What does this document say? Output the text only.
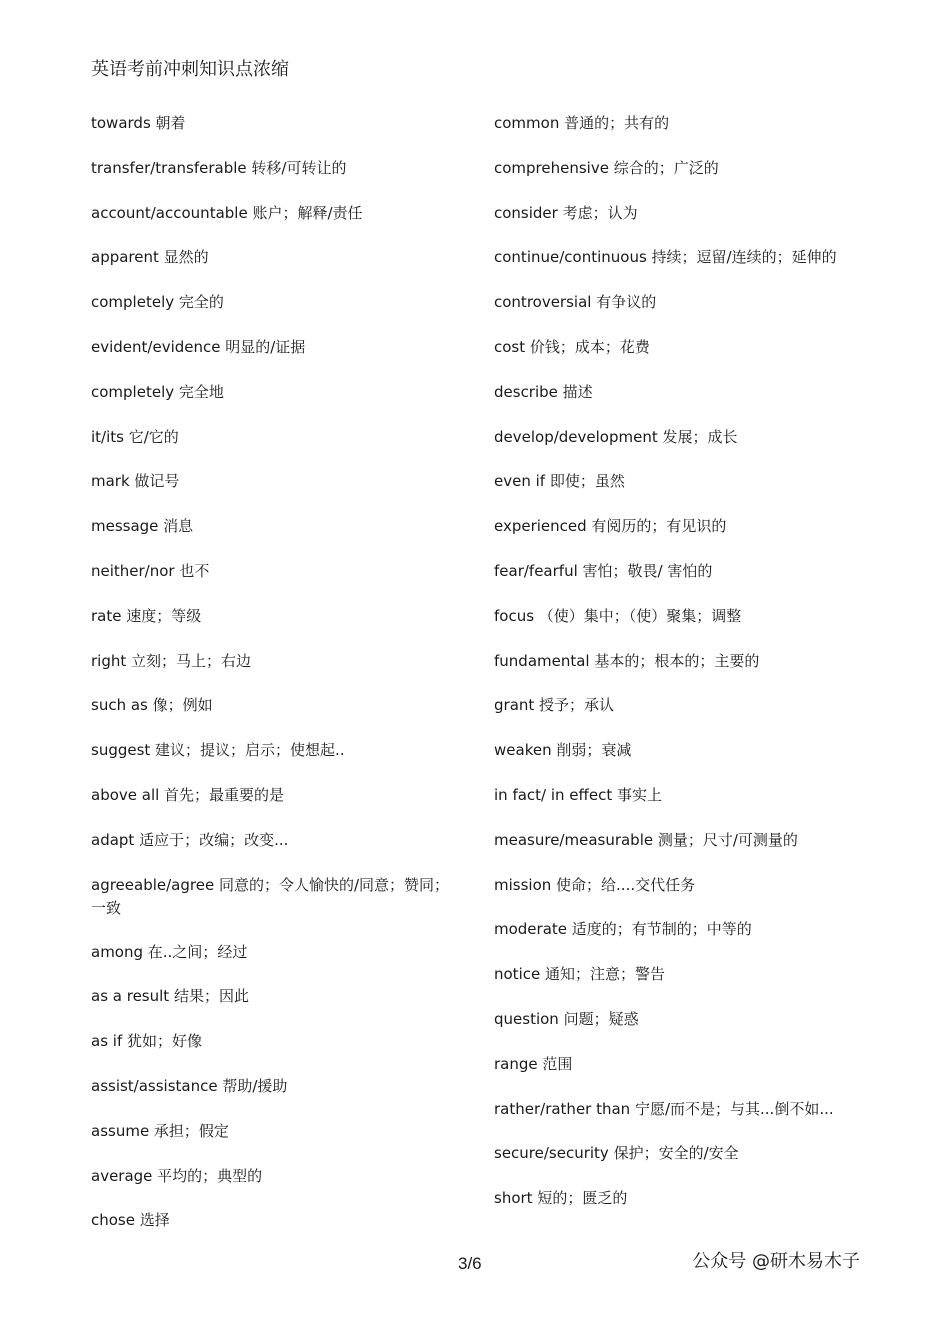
英语考前冲刺知识点浓缩
towards 朝着
transfer/transferable 转移/可转让的
account/accountable 账户；解释/责任
apparent 显然的
completely 完全的
evident/evidence 明显的/证据
completely 完全地
it/its 它/它的
mark 做记号
message 消息
neither/nor 也不
rate 速度；等级
right 立刻；马上；右边
such as 像；例如
suggest 建议；提议；启示；使想起..
above all 首先；最重要的是
adapt 适应于；改编；改变...
agreeable/agree 同意的；令人愉快的/同意；赞同；一致
among 在..之间；经过
as a result 结果；因此
as if 犹如；好像
assist/assistance 帮助/援助
assume 承担；假定
average 平均的；典型的
chose 选择
common 普通的；共有的
comprehensive 综合的；广泛的
consider 考虑；认为
continue/continuous 持续；逗留/连续的；延伸的
controversial 有争议的
cost 价钱；成本；花费
describe 描述
develop/development 发展；成长
even if 即使；虽然
experienced 有阅历的；有见识的
fear/fearful 害怕；敬畏/ 害怕的
focus （使）集中；（使）聚集；调整
fundamental 基本的；根本的；主要的
grant 授予；承认
weaken 削弱；衰减
in fact/ in effect 事实上
measure/measurable 测量；尺寸/可测量的
mission 使命；给....交代任务
moderate 适度的；有节制的；中等的
notice 通知；注意；警告
question 问题；疑惑
range 范围
rather/rather than 宁愿/而不是；与其...倒不如...
secure/security 保护；安全的/安全
short 短的；匮乏的
3/6	公众号 @研木易木子
